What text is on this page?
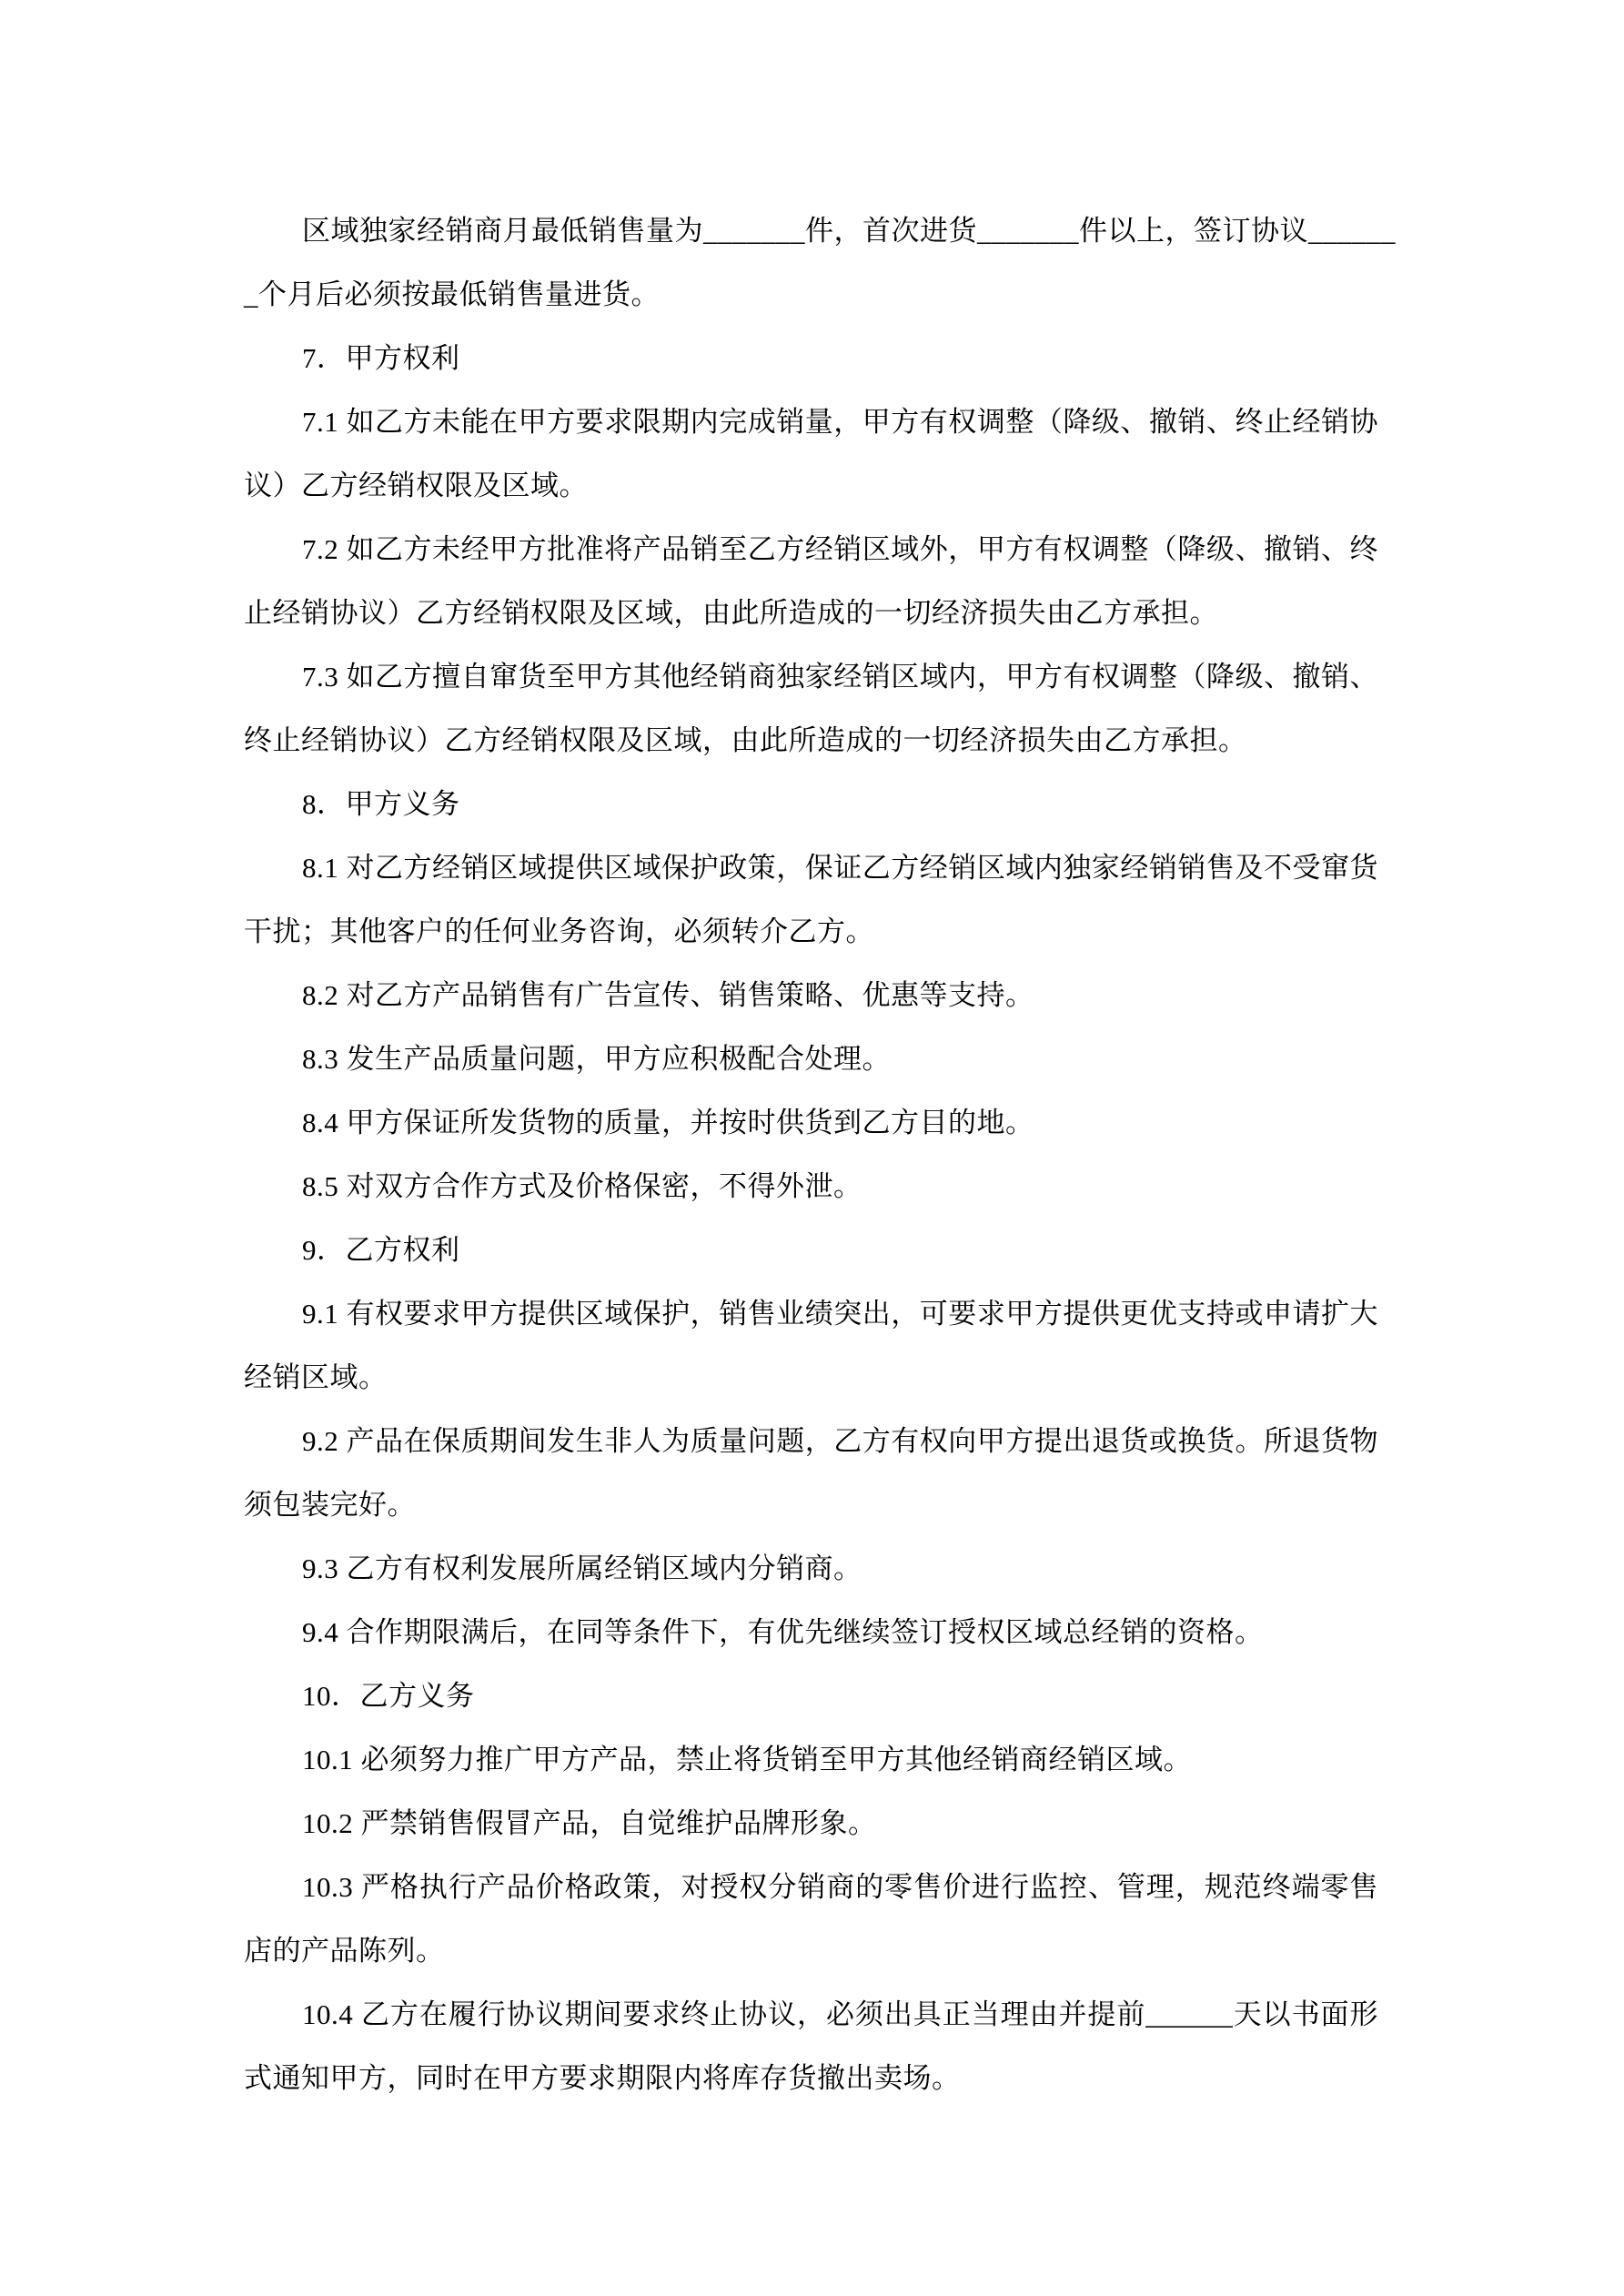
区域独家经销商月最低销售量为_______件，首次进货_______件以上，签订协议______
_个月后必须按最低销售量进货。
7．甲方权利
7.1 如乙方未能在甲方要求限期内完成销量，甲方有权调整（降级、撤销、终止经销协
议）乙方经销权限及区域。
7.2 如乙方未经甲方批准将产品销至乙方经销区域外，甲方有权调整（降级、撤销、终
止经销协议）乙方经销权限及区域，由此所造成的一切经济损失由乙方承担。
7.3 如乙方擅自窜货至甲方其他经销商独家经销区域内，甲方有权调整（降级、撤销、
终止经销协议）乙方经销权限及区域，由此所造成的一切经济损失由乙方承担。
8．甲方义务
8.1 对乙方经销区域提供区域保护政策，保证乙方经销区域内独家经销销售及不受窜货
干扰；其他客户的任何业务咨询，必须转介乙方。
8.2 对乙方产品销售有广告宣传、销售策略、优惠等支持。
8.3 发生产品质量问题，甲方应积极配合处理。
8.4 甲方保证所发货物的质量，并按时供货到乙方目的地。
8.5 对双方合作方式及价格保密，不得外泄。
9．乙方权利
9.1 有权要求甲方提供区域保护，销售业绩突出，可要求甲方提供更优支持或申请扩大
经销区域。
9.2 产品在保质期间发生非人为质量问题，乙方有权向甲方提出退货或换货。所退货物
须包装完好。
9.3 乙方有权利发展所属经销区域内分销商。
9.4 合作期限满后，在同等条件下，有优先继续签订授权区域总经销的资格。
10．乙方义务
10.1 必须努力推广甲方产品，禁止将货销至甲方其他经销商经销区域。
10.2 严禁销售假冒产品，自觉维护品牌形象。
10.3 严格执行产品价格政策，对授权分销商的零售价进行监控、管理，规范终端零售
店的产品陈列。
10.4 乙方在履行协议期间要求终止协议，必须出具正当理由并提前______天以书面形
式通知甲方，同时在甲方要求期限内将库存货撤出卖场。
